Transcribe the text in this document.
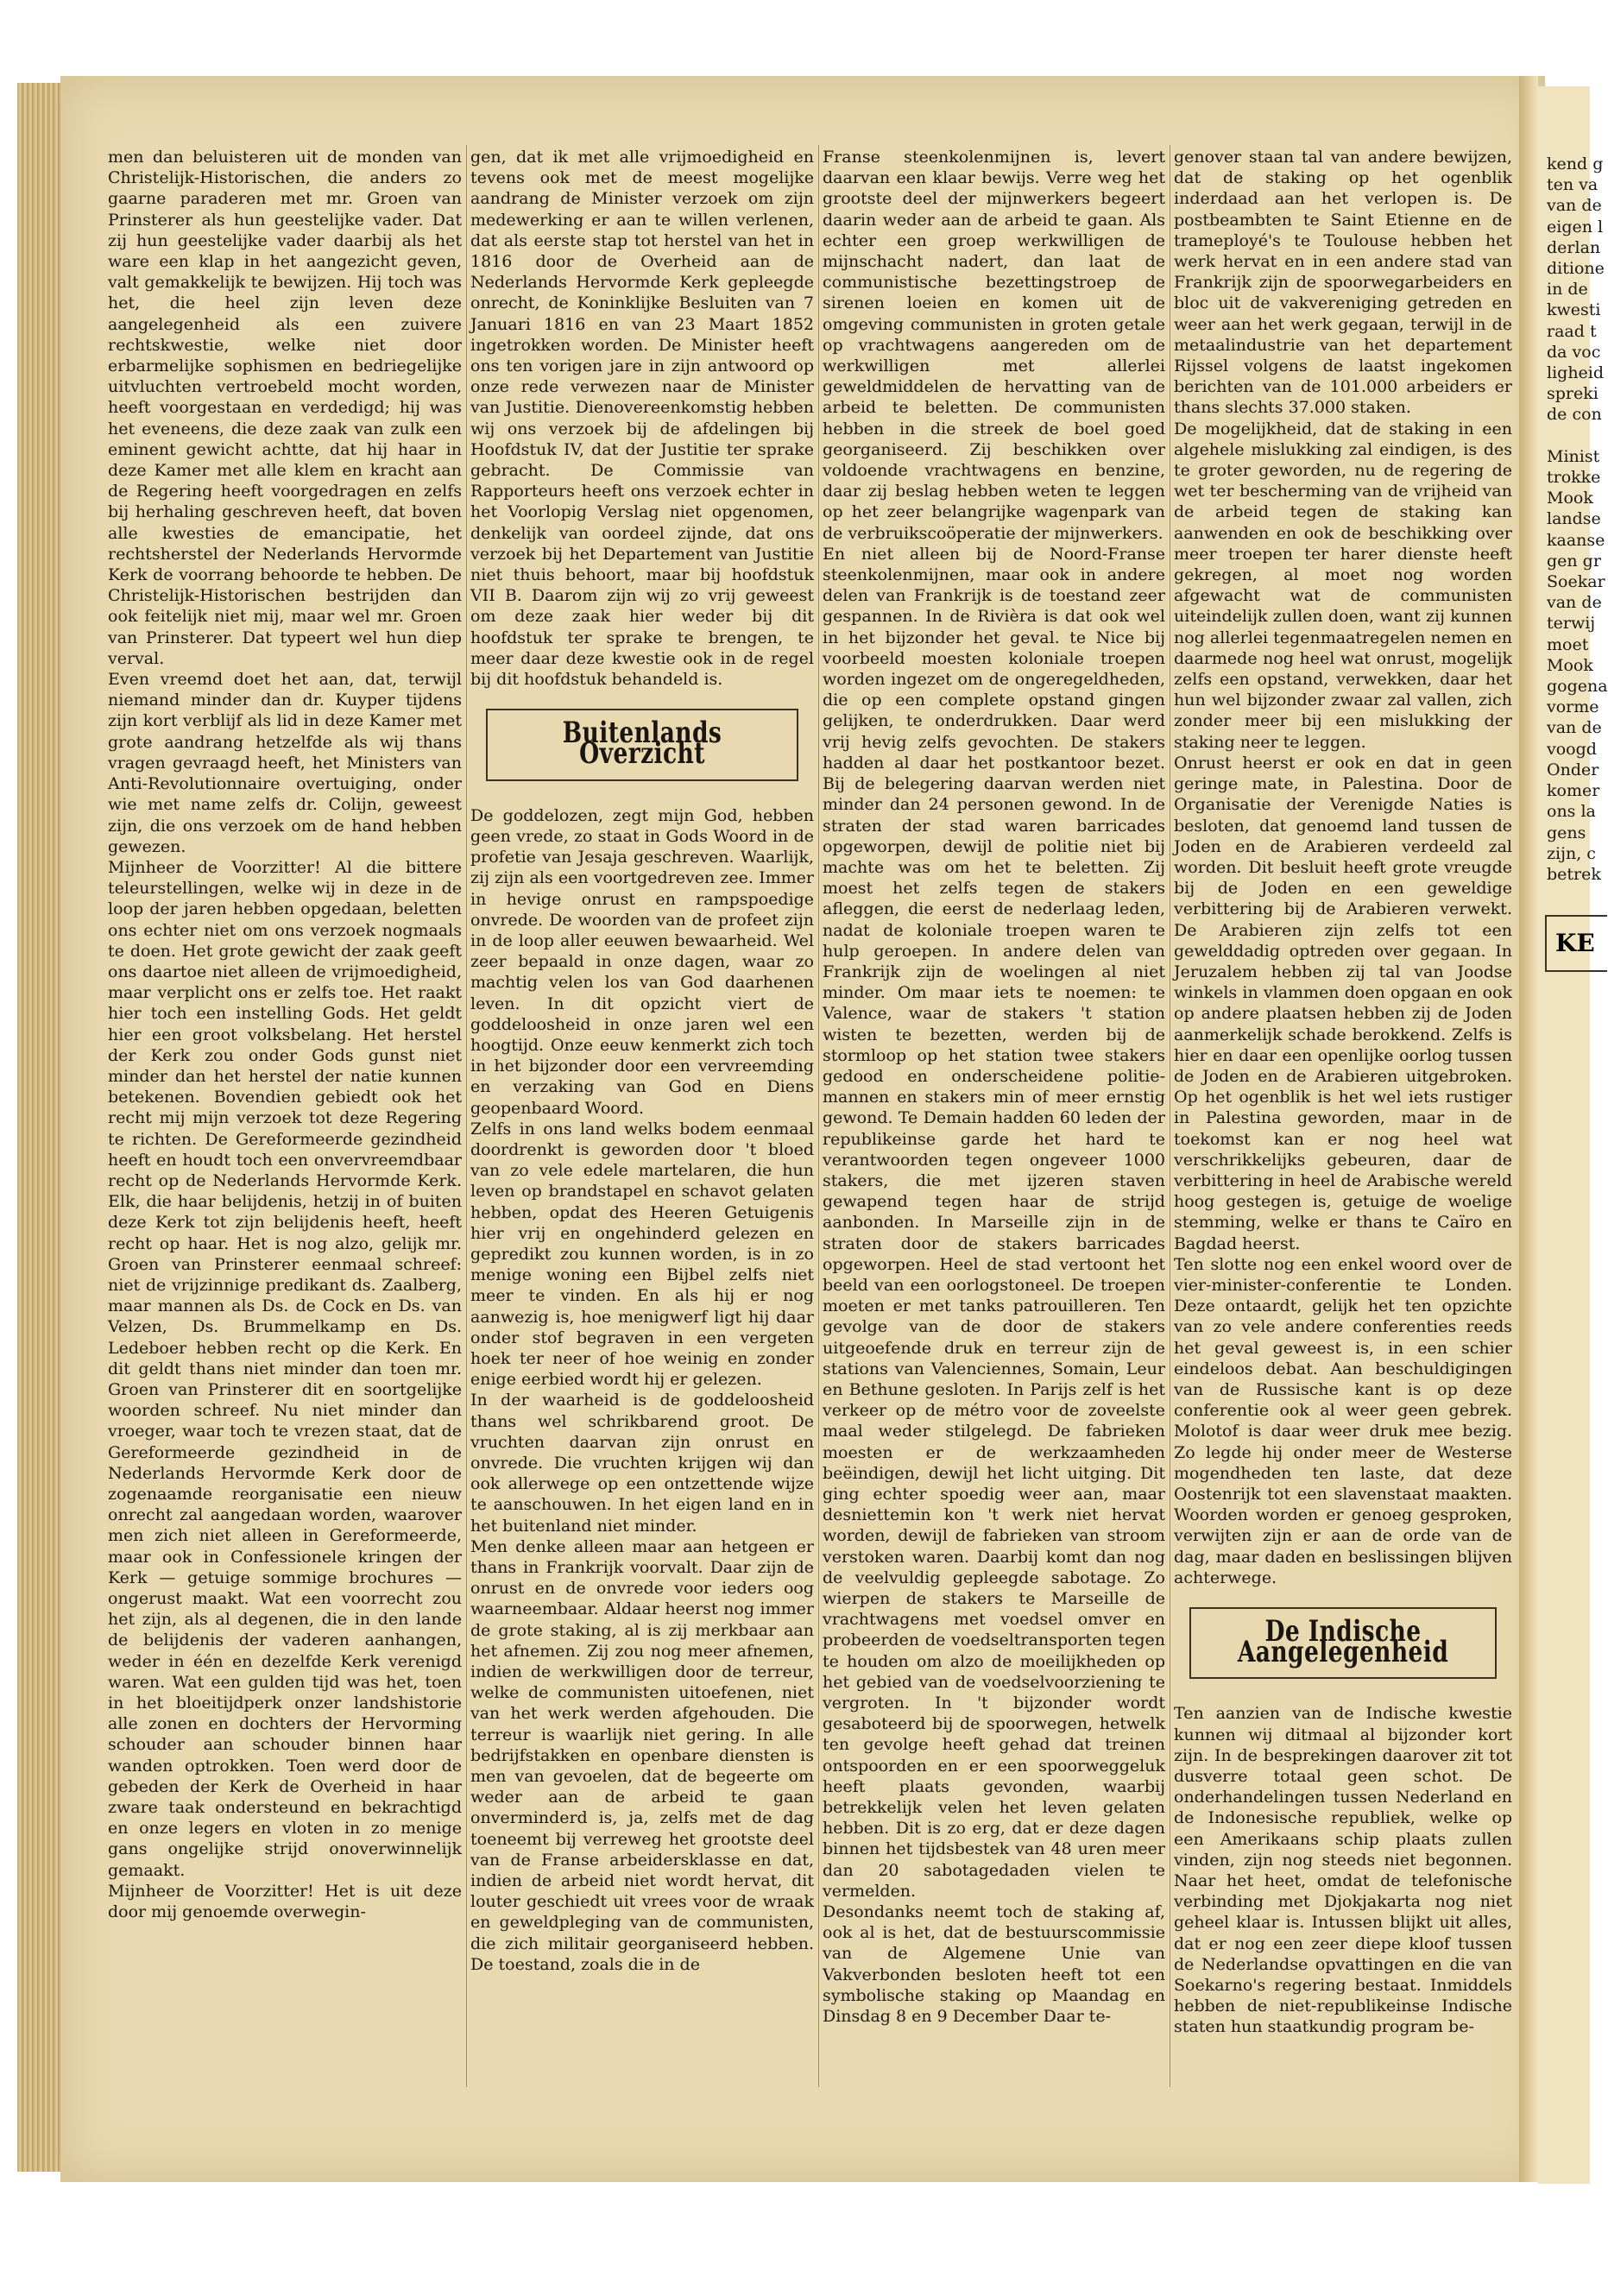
men dan beluisteren uit de monden van Christelijk-Historischen, die anders zo gaarne paraderen met mr. Groen van Prinsterer als hun geestelijke vader. Dat zij hun geestelijke vader daarbij als het ware een klap in het aangezicht geven, valt gemakkelijk te bewijzen. Hij toch was het, die heel zijn leven deze aangelegenheid als een zuivere rechtskwestie, welke niet door erbarmelijke sophismen en bedriegelijke uitvluchten vertroebeld mocht worden, heeft voorgestaan en verdedigd; hij was het eveneens, die deze zaak van zulk een eminent gewicht achtte, dat hij haar in deze Kamer met alle klem en kracht aan de Regering heeft voorgedragen en zelfs bij herhaling geschreven heeft, dat boven alle kwesties de emancipatie, het rechtsherstel der Nederlands Hervormde Kerk de voorrang behoorde te hebben. De Christelijk-Historischen bestrijden dan ook feitelijk niet mij, maar wel mr. Groen van Prinsterer. Dat typeert wel hun diep verval.

Even vreemd doet het aan, dat, terwijl niemand minder dan dr. Kuyper tijdens zijn kort verblijf als lid in deze Kamer met grote aandrang hetzelfde als wij thans vragen gevraagd heeft, het Ministers van Anti-Revolutionnaire overtuiging, onder wie met name zelfs dr. Colijn, geweest zijn, die ons verzoek om de hand hebben gewezen.

Mijnheer de Voorzitter! Al die bittere teleurstellingen, welke wij in deze in de loop der jaren hebben opgedaan, beletten ons echter niet om ons verzoek nogmaals te doen. Het grote gewicht der zaak geeft ons daartoe niet alleen de vrijmoedigheid, maar verplicht ons er zelfs toe. Het raakt hier toch een instelling Gods. Het geldt hier een groot volksbelang. Het herstel der Kerk zou onder Gods gunst niet minder dan het herstel der natie kunnen betekenen. Bovendien gebiedt ook het recht mij mijn verzoek tot deze Regering te richten. De Gereformeerde gezindheid heeft en houdt toch een onvervreemdbaar recht op de Nederlands Hervormde Kerk. Elk, die haar belijdenis, hetzij in of buiten deze Kerk tot zijn belijdenis heeft, heeft recht op haar. Het is nog alzo, gelijk mr. Groen van Prinsterer eenmaal schreef: niet de vrijzinnige predikant ds. Zaalberg, maar mannen als Ds. de Cock en Ds. van Velzen, Ds. Brummelkamp en Ds. Ledeboer hebben recht op die Kerk. En dit geldt thans niet minder dan toen mr. Groen van Prinsterer dit en soortgelijke woorden schreef. Nu niet minder dan vroeger, waar toch te vrezen staat, dat de Gereformeerde gezindheid in de Nederlands Hervormde Kerk door de zogenaamde reorganisatie een nieuw onrecht zal aangedaan worden, waarover men zich niet alleen in Gereformeerde, maar ook in Confessionele kringen der Kerk — getuige sommige brochures — ongerust maakt. Wat een voorrecht zou het zijn, als al degenen, die in den lande de belijdenis der vaderen aanhangen, weder in één en dezelfde Kerk verenigd waren. Wat een gulden tijd was het, toen in het bloeitijdperk onzer landshistorie alle zonen en dochters der Hervorming schouder aan schouder binnen haar wanden optrokken. Toen werd door de gebeden der Kerk de Overheid in haar zware taak ondersteund en bekrachtigd en onze legers en vloten in zo menige gans ongelijke strijd onoverwinnelijk gemaakt.

Mijnheer de Voorzitter! Het is uit deze door mij genoemde overwegin-

gen, dat ik met alle vrijmoedigheid en tevens ook met de meest mogelijke aandrang de Minister verzoek om zijn medewerking er aan te willen verlenen, dat als eerste stap tot herstel van het in 1816 door de Overheid aan de Nederlands Hervormde Kerk gepleegde onrecht, de Koninklijke Besluiten van 7 Januari 1816 en van 23 Maart 1852 ingetrokken worden. De Minister heeft ons ten vorigen jare in zijn antwoord op onze rede verwezen naar de Minister van Justitie. Dienovereenkomstig hebben wij ons verzoek bij de afdelingen bij Hoofdstuk IV, dat der Justitie ter sprake gebracht. De Commissie van Rapporteurs heeft ons verzoek echter in het Voorlopig Verslag niet opgenomen, denkelijk van oordeel zijnde, dat ons verzoek bij het Departement van Justitie niet thuis behoort, maar bij hoofdstuk VII B. Daarom zijn wij zo vrij geweest om deze zaak hier weder bij dit hoofdstuk ter sprake te brengen, te meer daar deze kwestie ook in de regel bij dit hoofdstuk behandeld is.

Buitenlands Overzicht

De goddelozen, zegt mijn God, hebben geen vrede, zo staat in Gods Woord in de profetie van Jesaja geschreven. Waarlijk, zij zijn als een voortgedreven zee. Immer in hevige onrust en rampspoedige onvrede. De woorden van de profeet zijn in de loop aller eeuwen bewaarheid. Wel zeer bepaald in onze dagen, waar zo machtig velen los van God daarhenen leven. In dit opzicht viert de goddeloosheid in onze jaren wel een hoogtijd. Onze eeuw kenmerkt zich toch in het bijzonder door een vervreemding en verzaking van God en Diens geopenbaard Woord.

Zelfs in ons land welks bodem eenmaal doordrenkt is geworden door 't bloed van zo vele edele martelaren, die hun leven op brandstapel en schavot gelaten hebben, opdat des Heeren Getuigenis hier vrij en ongehinderd gelezen en gepredikt zou kunnen worden, is in zo menige woning een Bijbel zelfs niet meer te vinden. En als hij er nog aanwezig is, hoe menigwerf ligt hij daar onder stof begraven in een vergeten hoek ter neer of hoe weinig en zonder enige eerbied wordt hij er gelezen.

In der waarheid is de goddeloosheid thans wel schrikbarend groot. De vruchten daarvan zijn onrust en onvrede. Die vruchten krijgen wij dan ook allerwege op een ontzettende wijze te aanschouwen. In het eigen land en in het buitenland niet minder.

Men denke alleen maar aan hetgeen er thans in Frankrijk voorvalt. Daar zijn de onrust en de onvrede voor ieders oog waarneembaar. Aldaar heerst nog immer de grote staking, al is zij merkbaar aan het afnemen. Zij zou nog meer afnemen, indien de werkwilligen door de terreur, welke de communisten uitoefenen, niet van het werk werden afgehouden. Die terreur is waarlijk niet gering. In alle bedrijfstakken en openbare diensten is men van gevoelen, dat de begeerte om weder aan de arbeid te gaan onverminderd is, ja, zelfs met de dag toeneemt bij verreweg het grootste deel van de Franse arbeidersklasse en dat, indien de arbeid niet wordt hervat, dit louter geschiedt uit vrees voor de wraak en geweldpleging van de communisten, die zich militair georganiseerd hebben. De toestand, zoals die in de

Franse steenkolenmijnen is, levert daarvan een klaar bewijs. Verre weg het grootste deel der mijnwerkers begeert daarin weder aan de arbeid te gaan. Als echter een groep werkwilligen de mijnschacht nadert, dan laat de communistische bezettingstroep de sirenen loeien en komen uit de omgeving communisten in groten getale op vrachtwagens aangereden om de werkwilligen met allerlei geweldmiddelen de hervatting van de arbeid te beletten. De communisten hebben in die streek de boel goed georganiseerd. Zij beschikken over voldoende vrachtwagens en benzine, daar zij beslag hebben weten te leggen op het zeer belangrijke wagenpark van de verbruikscoöperatie der mijnwerkers.

En niet alleen bij de Noord-Franse steenkolenmijnen, maar ook in andere delen van Frankrijk is de toestand zeer gespannen. In de Rivièra is dat ook wel in het bijzonder het geval. te Nice bij voorbeeld moesten koloniale troepen worden ingezet om de ongeregeldheden, die op een complete opstand gingen gelijken, te onderdrukken. Daar werd vrij hevig zelfs gevochten. De stakers hadden al daar het postkantoor bezet. Bij de belegering daarvan werden niet minder dan 24 personen gewond. In de straten der stad waren barricades opgeworpen, dewijl de politie niet bij machte was om het te beletten. Zij moest het zelfs tegen de stakers afleggen, die eerst de nederlaag leden, nadat de koloniale troepen waren te hulp geroepen. In andere delen van Frankrijk zijn de woelingen al niet minder. Om maar iets te noemen: te Valence, waar de stakers 't station wisten te bezetten, werden bij de stormloop op het station twee stakers gedood en onderscheidene politie-mannen en stakers min of meer ernstig gewond. Te Demain hadden 60 leden der republikeinse garde het hard te verantwoorden tegen ongeveer 1000 stakers, die met ijzeren staven gewapend tegen haar de strijd aanbonden. In Marseille zijn in de straten door de stakers barricades opgeworpen. Heel de stad vertoont het beeld van een oorlogstoneel. De troepen moeten er met tanks patrouilleren. Ten gevolge van de door de stakers uitgeoefende druk en terreur zijn de stations van Valenciennes, Somain, Leur en Bethune gesloten. In Parijs zelf is het verkeer op de métro voor de zoveelste maal weder stilgelegd. De fabrieken moesten er de werkzaamheden beëindigen, dewijl het licht uitging. Dit ging echter spoedig weer aan, maar desniettemin kon 't werk niet hervat worden, dewijl de fabrieken van stroom verstoken waren. Daarbij komt dan nog de veelvuldig gepleegde sabotage. Zo wierpen de stakers te Marseille de vrachtwagens met voedsel omver en probeerden de voedseltransporten tegen te houden om alzo de moeilijkheden op het gebied van de voedselvoorziening te vergroten. In 't bijzonder wordt gesaboteerd bij de spoorwegen, hetwelk ten gevolge heeft gehad dat treinen ontspoorden en er een spoorweggeluk heeft plaats gevonden, waarbij betrekkelijk velen het leven gelaten hebben. Dit is zo erg, dat er deze dagen binnen het tijdsbestek van 48 uren meer dan 20 sabotagedaden vielen te vermelden.

Desondanks neemt toch de staking af, ook al is het, dat de bestuurscommissie van de Algemene Unie van Vakverbonden besloten heeft tot een symbolische staking op Maandag en Dinsdag 8 en 9 December Daar te-

genover staan tal van andere bewijzen, dat de staking op het ogenblik inderdaad aan het verlopen is. De postbeambten te Saint Etienne en de trameployé's te Toulouse hebben het werk hervat en in een andere stad van Frankrijk zijn de spoorwegarbeiders en bloc uit de vakvereniging getreden en weer aan het werk gegaan, terwijl in de metaalindustrie van het departement Rijssel volgens de laatst ingekomen berichten van de 101.000 arbeiders er thans slechts 37.000 staken.

De mogelijkheid, dat de staking in een algehele mislukking zal eindigen, is des te groter geworden, nu de regering de wet ter bescherming van de vrijheid van de arbeid tegen de staking kan aanwenden en ook de beschikking over meer troepen ter harer dienste heeft gekregen, al moet nog worden afgewacht wat de communisten uiteindelijk zullen doen, want zij kunnen nog allerlei tegenmaatregelen nemen en daarmede nog heel wat onrust, mogelijk zelfs een opstand, verwekken, daar het hun wel bijzonder zwaar zal vallen, zich zonder meer bij een mislukking der staking neer te leggen.

Onrust heerst er ook en dat in geen geringe mate, in Palestina. Door de Organisatie der Verenigde Naties is besloten, dat genoemd land tussen de Joden en de Arabieren verdeeld zal worden. Dit besluit heeft grote vreugde bij de Joden en een geweldige verbittering bij de Arabieren verwekt. De Arabieren zijn zelfs tot een gewelddadig optreden over gegaan. In Jeruzalem hebben zij tal van Joodse winkels in vlammen doen opgaan en ook op andere plaatsen hebben zij de Joden aanmerkelijk schade berokkend. Zelfs is hier en daar een openlijke oorlog tussen de Joden en de Arabieren uitgebroken. Op het ogenblik is het wel iets rustiger in Palestina geworden, maar in de toekomst kan er nog heel wat verschrikkelijks gebeuren, daar de verbittering in heel de Arabische wereld hoog gestegen is, getuige de woelige stemming, welke er thans te Caïro en Bagdad heerst.

Ten slotte nog een enkel woord over de vier-minister-conferentie te Londen. Deze ontaardt, gelijk het ten opzichte van zo vele andere conferenties reeds het geval geweest is, in een schier eindeloos debat. Aan beschuldigingen van de Russische kant is op deze conferentie ook al weer geen gebrek. Molotof is daar weer druk mee bezig. Zo legde hij onder meer de Westerse mogendheden ten laste, dat deze Oostenrijk tot een slavenstaat maakten. Woorden worden er genoeg gesproken, verwijten zijn er aan de orde van de dag, maar daden en beslissingen blijven achterwege.

De Indische Aangelegenheid

Ten aanzien van de Indische kwestie kunnen wij ditmaal al bijzonder kort zijn. In de besprekingen daarover zit tot dusverre totaal geen schot. De onderhandelingen tussen Nederland en de Indonesische republiek, welke op een Amerikaans schip plaats zullen vinden, zijn nog steeds niet begonnen. Naar het heet, omdat de telefonische verbinding met Djokjakarta nog niet geheel klaar is. Intussen blijkt uit alles, dat er nog een zeer diepe kloof tussen de Nederlandse opvattingen en die van Soekarno's regering bestaat. Inmiddels hebben de niet-republikeinse Indische staten hun staatkundig program be-

kend g
ten va
van de
eigen l
derlan
ditione
in de
kwesti
raad t
da voc
ligheid
spreki
de con

Minist
trokke
Mook
landse
kaanse
gen gr
Soekar
van de
terwij
moet
Mook
gogena
vorme
van de
voogd
Onder
komer
ons la
gens
zijn, c
betrek
KE
